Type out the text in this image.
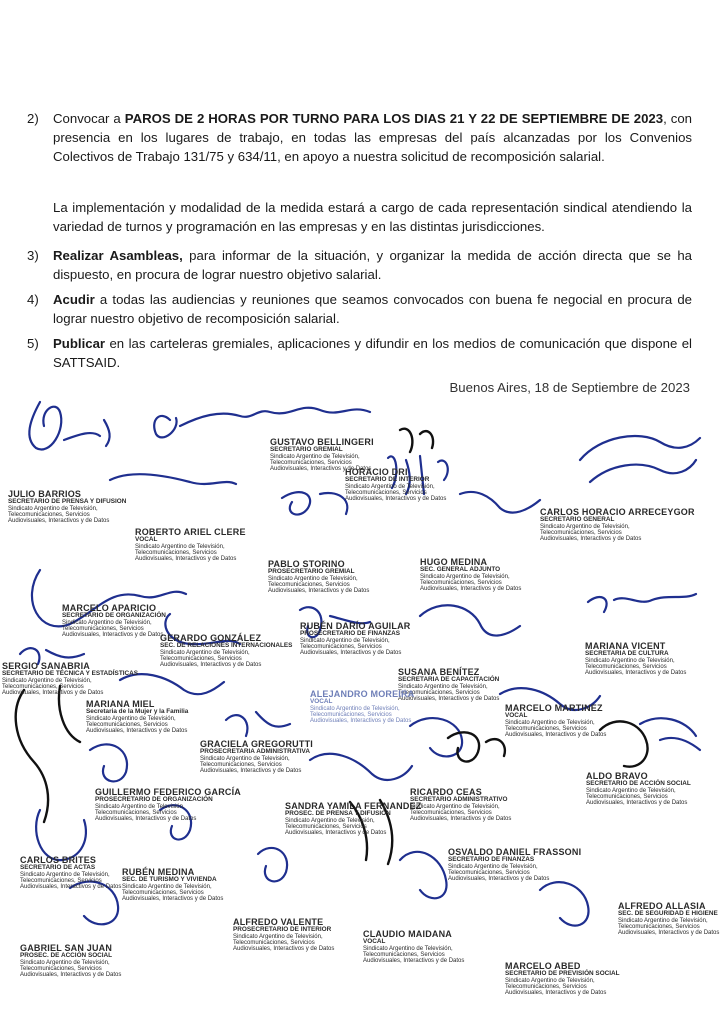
2)	Convocar a PAROS DE 2 HORAS POR TURNO PARA LOS DIAS 21 Y 22 DE SEPTIEMBRE DE 2023, con presencia en los lugares de trabajo, en todas las empresas del país alcanzadas por los Convenios Colectivos de Trabajo 131/75 y 634/11, en apoyo a nuestra solicitud de recomposición salarial.
La implementación y modalidad de la medida estará a cargo de cada representación sindical atendiendo la variedad de turnos y programación en las empresas y en las distintas jurisdicciones.
3)	Realizar Asambleas, para informar de la situación, y organizar la medida de acción directa que se ha dispuesto, en procura de lograr nuestro objetivo salarial.
4)	Acudir a todas las audiencias y reuniones que seamos convocados con buena fe negocial en procura de lograr nuestro objetivo de recomposición salarial.
5)	Publicar en las carteleras gremiales, aplicaciones y difundir en los medios de comunicación que dispone el SATTSAID.
Buenos Aires, 18 de Septiembre de 2023
GUSTAVO BELLINGERI
SECRETARIO GREMIAL
Sindicato Argentino de Televisión,
Telecomunicaciones, Servicios
Audiovisuales, Interactivos y de Datos
JULIO BARRIOS
SECRETARIO DE PRENSA Y DIFUSION
Sindicato Argentino de Televisión,
Telecomunicaciones, Servicios
Audiovisuales, Interactivos y de Datos
HORACIO DRI
SECRETARIO DE INTERIOR
Sindicato Argentino de Televisión,
Telecomunicaciones, Servicios
Audiovisuales, Interactivos y de Datos
CARLOS HORACIO ARRECEYGOR
SECRETARIO GENERAL
Sindicato Argentino de Televisión,
Telecomunicaciones, Servicios
Audiovisuales, Interactivos y de Datos
ROBERTO ARIEL CLERE
VOCAL
Sindicato Argentino de Televisión,
Telecomunicaciones, Servicios
Audiovisuales, Interactivos y de Datos
PABLO STORINO
PROSECRETARIO GREMIAL
Sindicato Argentino de Televisión,
Telecomunicaciones, Servicios
Audiovisuales, Interactivos y de Datos
HUGO MEDINA
SEC. GENERAL ADJUNTO
Sindicato Argentino de Televisión,
Telecomunicaciones, Servicios
Audiovisuales, Interactivos y de Datos
MARCELO APARICIO
SECRETARIO DE ORGANIZACIÓN
Sindicato Argentino de Televisión,
Telecomunicaciones, Servicios
Audiovisuales, Interactivos y de Datos
GERARDO GONZÁLEZ
SEC. DE RELACIONES INTERNACIONALES
Sindicato Argentino de Televisión,
Telecomunicaciones, Servicios
Audiovisuales, Interactivos y de Datos
RUBÉN DARÍO AGUILAR
PROSECRETARIO DE FINANZAS
Sindicato Argentino de Televisión,
Telecomunicaciones, Servicios
Audiovisuales, Interactivos y de Datos
MARIANA VICENT
SECRETARIA DE CULTURA
Sindicato Argentino de Televisión,
Telecomunicaciones, Servicios
Audiovisuales, Interactivos y de Datos
SERGIO SANABRIA
SECRETARIO DE TÉCNICA Y ESTADÍSTICAS
Sindicato Argentino de Televisión,
Telecomunicaciones, Servicios
Audiovisuales, Interactivos y de Datos
SUSANA BENÍTEZ
SECRETARIA DE CAPACITACIÓN
Sindicato Argentino de Televisión,
Telecomunicaciones, Servicios
Audiovisuales, Interactivos y de Datos
ALEJANDRO MOREIRA
VOCAL
Sindicato Argentino de Televisión,
Telecomunicaciones, Servicios
Audiovisuales, Interactivos y de Datos
MARIANA MIEL
Secretaria de la Mujer y la Familia
Sindicato Argentino de Televisión,
Telecomunicaciones, Servicios
Audiovisuales, Interactivos y de Datos
MARCELO MARTINEZ
VOCAL
Sindicato Argentino de Televisión,
Telecomunicaciones, Servicios
Audiovisuales, Interactivos y de Datos
GRACIELA GREGORUTTI
PROSECRETARIA ADMINISTRATIVA
Sindicato Argentino de Televisión,
Telecomunicaciones, Servicios
Audiovisuales, Interactivos y de Datos
ALDO BRAVO
SECRETARIO DE ACCIÓN SOCIAL
Sindicato Argentino de Televisión,
Telecomunicaciones, Servicios
Audiovisuales, Interactivos y de Datos
RICARDO CEAS
SECRETARIO ADMINISTRATIVO
Sindicato Argentino de Televisión,
Telecomunicaciones, Servicios
Audiovisuales, Interactivos y de Datos
GUILLERMO FEDERICO GARCÍA
PROSECRETARIO DE ORGANIZACIÓN
Sindicato Argentino de Televisión,
Telecomunicaciones, Servicios
Audiovisuales, Interactivos y de Datos
SANDRA YAMILA FERNANDEZ
PROSEC. DE PRENSA Y DIFUSIÓN
Sindicato Argentino de Televisión,
Telecomunicaciones, Servicios
Audiovisuales, Interactivos y de Datos
CARLOS BRITES
SECRETARIO DE ACTAS
Sindicato Argentino de Televisión,
Telecomunicaciones, Servicios
Audiovisuales, Interactivos y de Datos
OSVALDO DANIEL FRASSONI
SECRETARIO DE FINANZAS
Sindicato Argentino de Televisión,
Telecomunicaciones, Servicios
Audiovisuales, Interactivos y de Datos
RUBÉN MEDINA
SEC. DE TURISMO Y VIVIENDA
Sindicato Argentino de Televisión,
Telecomunicaciones, Servicios
Audiovisuales, Interactivos y de Datos
ALFREDO ALLASIA
SEC. DE SEGURIDAD E HIGIENE
Sindicato Argentino de Televisión,
Telecomunicaciones, Servicios
Audiovisuales, Interactivos y de Datos
ALFREDO VALENTE
PROSECRETARIO DE INTERIOR
Sindicato Argentino de Televisión,
Telecomunicaciones, Servicios
Audiovisuales, Interactivos y de Datos
CLAUDIO MAIDANA
VOCAL
Sindicato Argentino de Televisión,
Telecomunicaciones, Servicios
Audiovisuales, Interactivos y de Datos
GABRIEL SAN JUAN
PROSEC. DE ACCIÓN SOCIAL
Sindicato Argentino de Televisión,
Telecomunicaciones, Servicios
Audiovisuales, Interactivos y de Datos
MARCELO ABED
SECRETARIO DE PREVISIÓN SOCIAL
Sindicato Argentino de Televisión,
Telecomunicaciones, Servicios
Audiovisuales, Interactivos y de Datos
